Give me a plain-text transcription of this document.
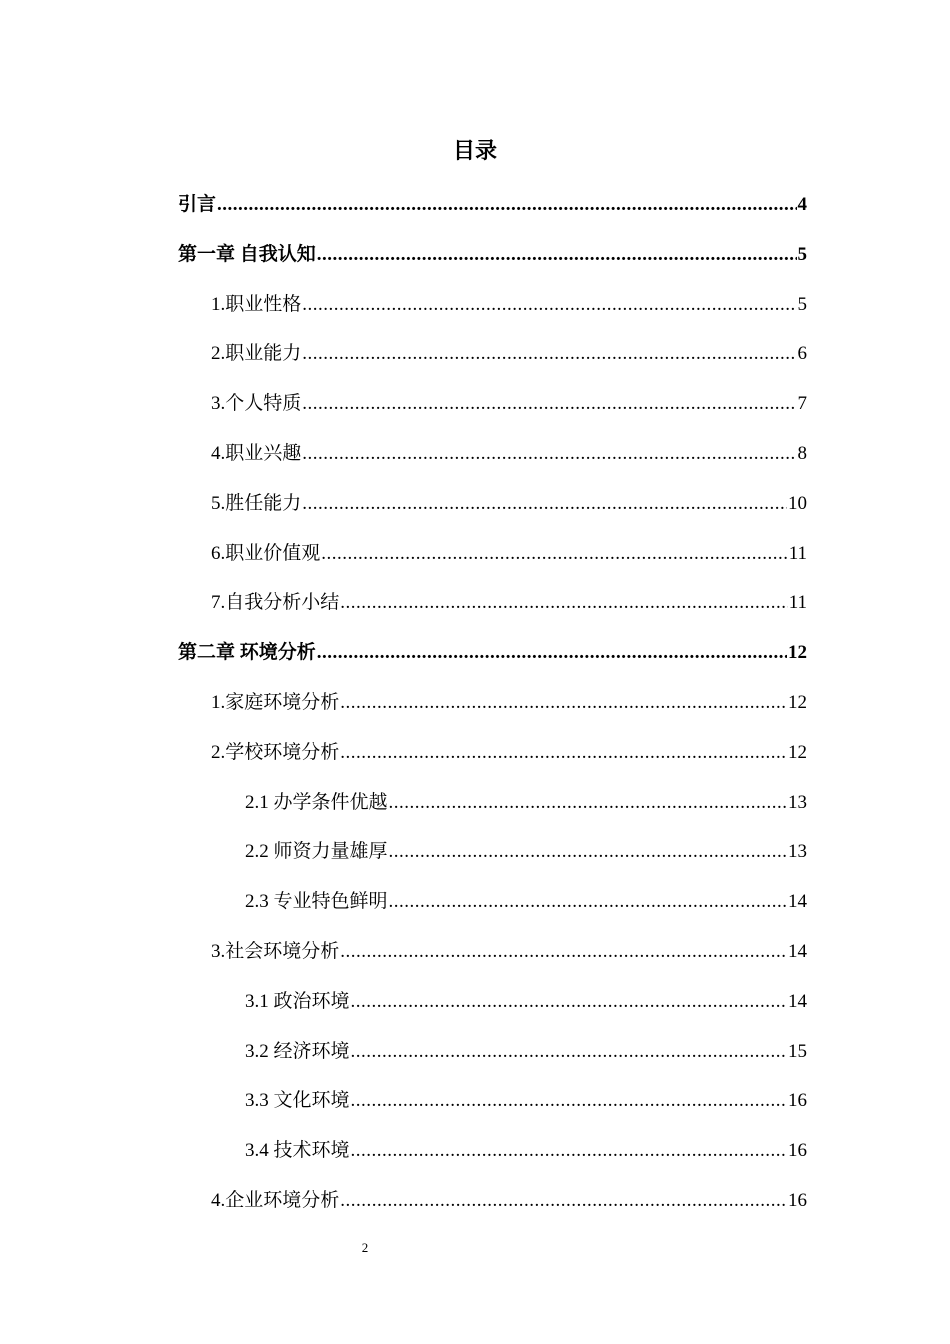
目录
引言 .....	4
第一章 自我认知 .....	5
1.职业性格 .....	5
2.职业能力 .....	6
3.个人特质 .....	7
4.职业兴趣 .....	8
5.胜任能力 .....	10
6.职业价值观 .....	11
7.自我分析小结 .....	11
第二章 环境分析 .....	12
1.家庭环境分析 .....	12
2.学校环境分析 .....	12
2.1 办学条件优越 .....	13
2.2 师资力量雄厚 .....	13
2.3 专业特色鲜明 .....	14
3.社会环境分析 .....	14
3.1 政治环境 .....	14
3.2 经济环境 .....	15
3.3 文化环境 .....	16
3.4 技术环境 .....	16
4.企业环境分析 .....	16
2
